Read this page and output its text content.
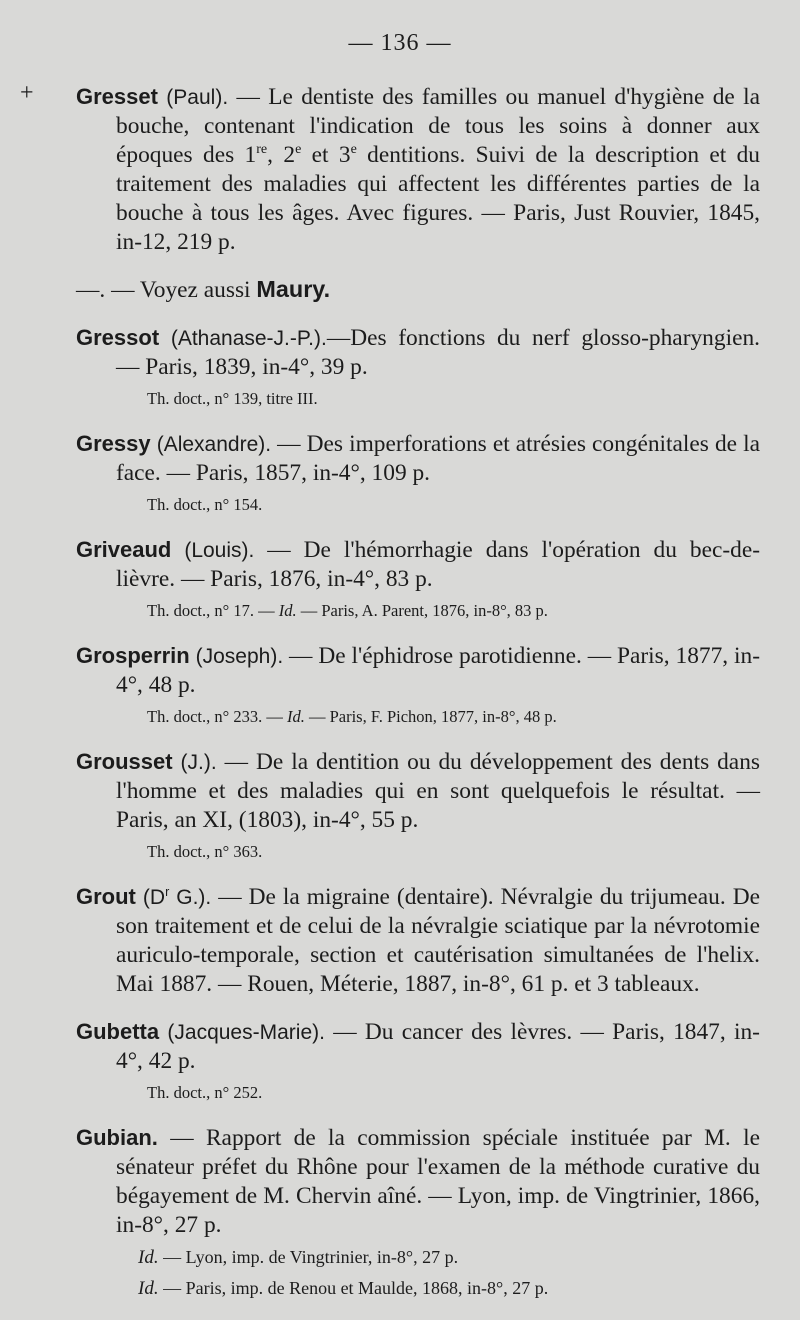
— 136 —
+ Gresset (Paul). — Le dentiste des familles ou manuel d'hygiène de la bouche, contenant l'indication de tous les soins à donner aux époques des 1re, 2e et 3e dentitions. Suivi de la description et du traitement des maladies qui affectent les différentes parties de la bouche à tous les âges. Avec figures. — Paris, Just Rouvier, 1845, in-12, 219 p.
—. — Voyez aussi Maury.
Gressot (Athanase-J.-P.).—Des fonctions du nerf glosso-pharyngien. — Paris, 1839, in-4°, 39 p.
Th. doct., n° 139, titre III.
Gressy (Alexandre). — Des imperforations et atrésies congénitales de la face. — Paris, 1857, in-4°, 109 p.
Th. doct., n° 154.
Griveaud (Louis). — De l'hémorrhagie dans l'opération du bec-de-lièvre. — Paris, 1876, in-4°, 83 p.
Th. doct., n° 17. — Id. — Paris, A. Parent, 1876, in-8°, 83 p.
Grosperrin (Joseph). — De l'éphidrose parotidienne. — Paris, 1877, in-4°, 48 p.
Th. doct., n° 233. — Id. — Paris, F. Pichon, 1877, in-8°, 48 p.
Grousset (J.). — De la dentition ou du développement des dents dans l'homme et des maladies qui en sont quelquefois le résultat. — Paris, an XI, (1803), in-4°, 55 p.
Th. doct., n° 363.
Grout ($D^r$ G.). — De la migraine (dentaire). Névralgie du trijumeau. De son traitement et de celui de la névralgie sciatique par la névrotomie auriculo-temporale, section et cautérisation simultanées de l'helix. Mai 1887. — Rouen, Méterie, 1887, in-8°, 61 p. et 3 tableaux.
Gubetta (Jacques-Marie). — Du cancer des lèvres. — Paris, 1847, in-4°, 42 p.
Th. doct., n° 252.
Gubian. — Rapport de la commission spéciale instituée par M. le sénateur préfet du Rhône pour l'examen de la méthode curative du bégayement de M. Chervin aîné. — Lyon, imp. de Vingtrinier, 1866, in-8°, 27 p.
Id. — Lyon, imp. de Vingtrinier, in-8°, 27 p.
Id. — Paris, imp. de Renou et Maulde, 1868, in-8°, 27 p.
